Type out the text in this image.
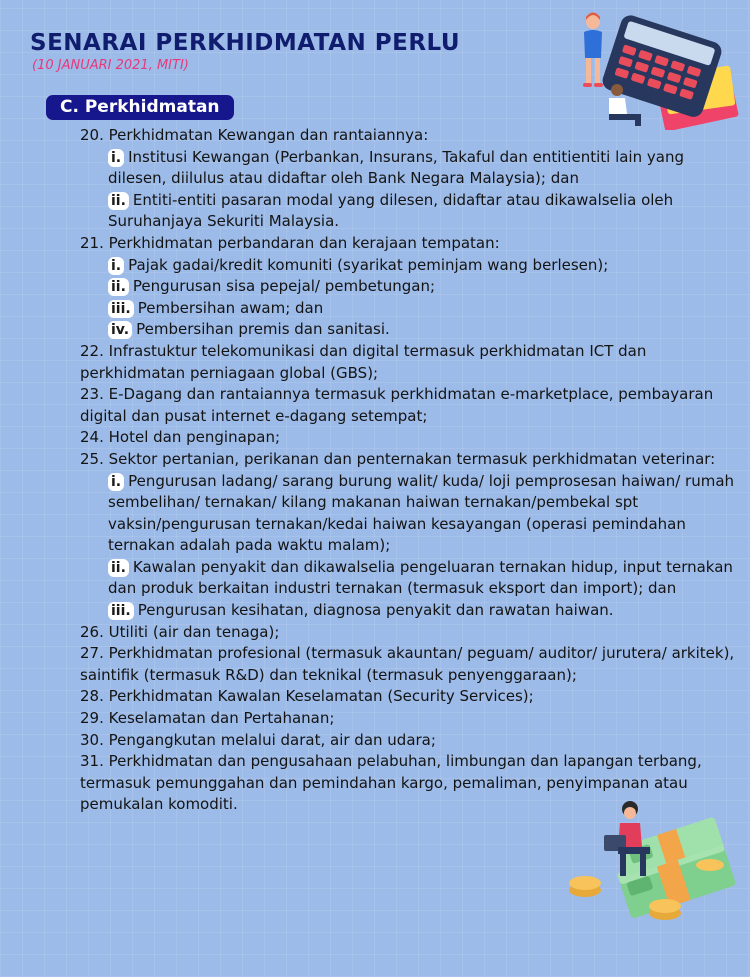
SENARAI PERKHIDMATAN PERLU
(10 JANUARI 2021, MITI)
C. Perkhidmatan

20. Perkhidmatan Kewangan dan rantaiannya:

i. Institusi Kewangan (Perbankan, Insurans, Takaful dan entitientiti lain yang dilesen, diilulus atau didaftar oleh Bank Negara Malaysia); dan

ii. Entiti-entiti pasaran modal yang dilesen, didaftar atau dikawalselia oleh Suruhanjaya Sekuriti Malaysia.

21. Perkhidmatan perbandaran dan kerajaan tempatan:

i. Pajak gadai/kredit komuniti (syarikat peminjam wang berlesen);

ii. Pengurusan sisa pepejal/ pembetungan;

iii. Pembersihan awam; dan

iv. Pembersihan premis dan sanitasi.

22. Infrastuktur telekomunikasi dan digital termasuk perkhidmatan ICT dan perkhidmatan perniagaan global (GBS);

23. E-Dagang dan rantaiannya termasuk perkhidmatan e-marketplace, pembayaran digital dan pusat internet e-dagang setempat;

24. Hotel dan penginapan;

25. Sektor pertanian, perikanan dan penternakan termasuk perkhidmatan veterinar:

i. Pengurusan ladang/ sarang burung walit/ kuda/ loji pemprosesan haiwan/ rumah sembelihan/ ternakan/ kilang makanan haiwan ternakan/pembekal spt vaksin/pengurusan ternakan/kedai haiwan kesayangan (operasi pemindahan ternakan adalah pada waktu malam);

ii. Kawalan penyakit dan dikawalselia pengeluaran ternakan hidup, input ternakan dan produk berkaitan industri ternakan (termasuk eksport dan import); dan

iii. Pengurusan kesihatan, diagnosa penyakit dan rawatan haiwan.

26. Utiliti (air dan tenaga);

27. Perkhidmatan profesional (termasuk akauntan/ peguam/ auditor/ jurutera/ arkitek), saintifik (termasuk R&D) dan teknikal (termasuk penyenggaraan);

28. Perkhidmatan Kawalan Keselamatan (Security Services);

29. Keselamatan dan Pertahanan;

30. Pengangkutan melalui darat, air dan udara;

31. Perkhidmatan dan pengusahaan pelabuhan, limbungan dan lapangan terbang, termasuk pemunggahan dan pemindahan kargo, pemaliman, penyimpanan atau pemukalan komoditi.
